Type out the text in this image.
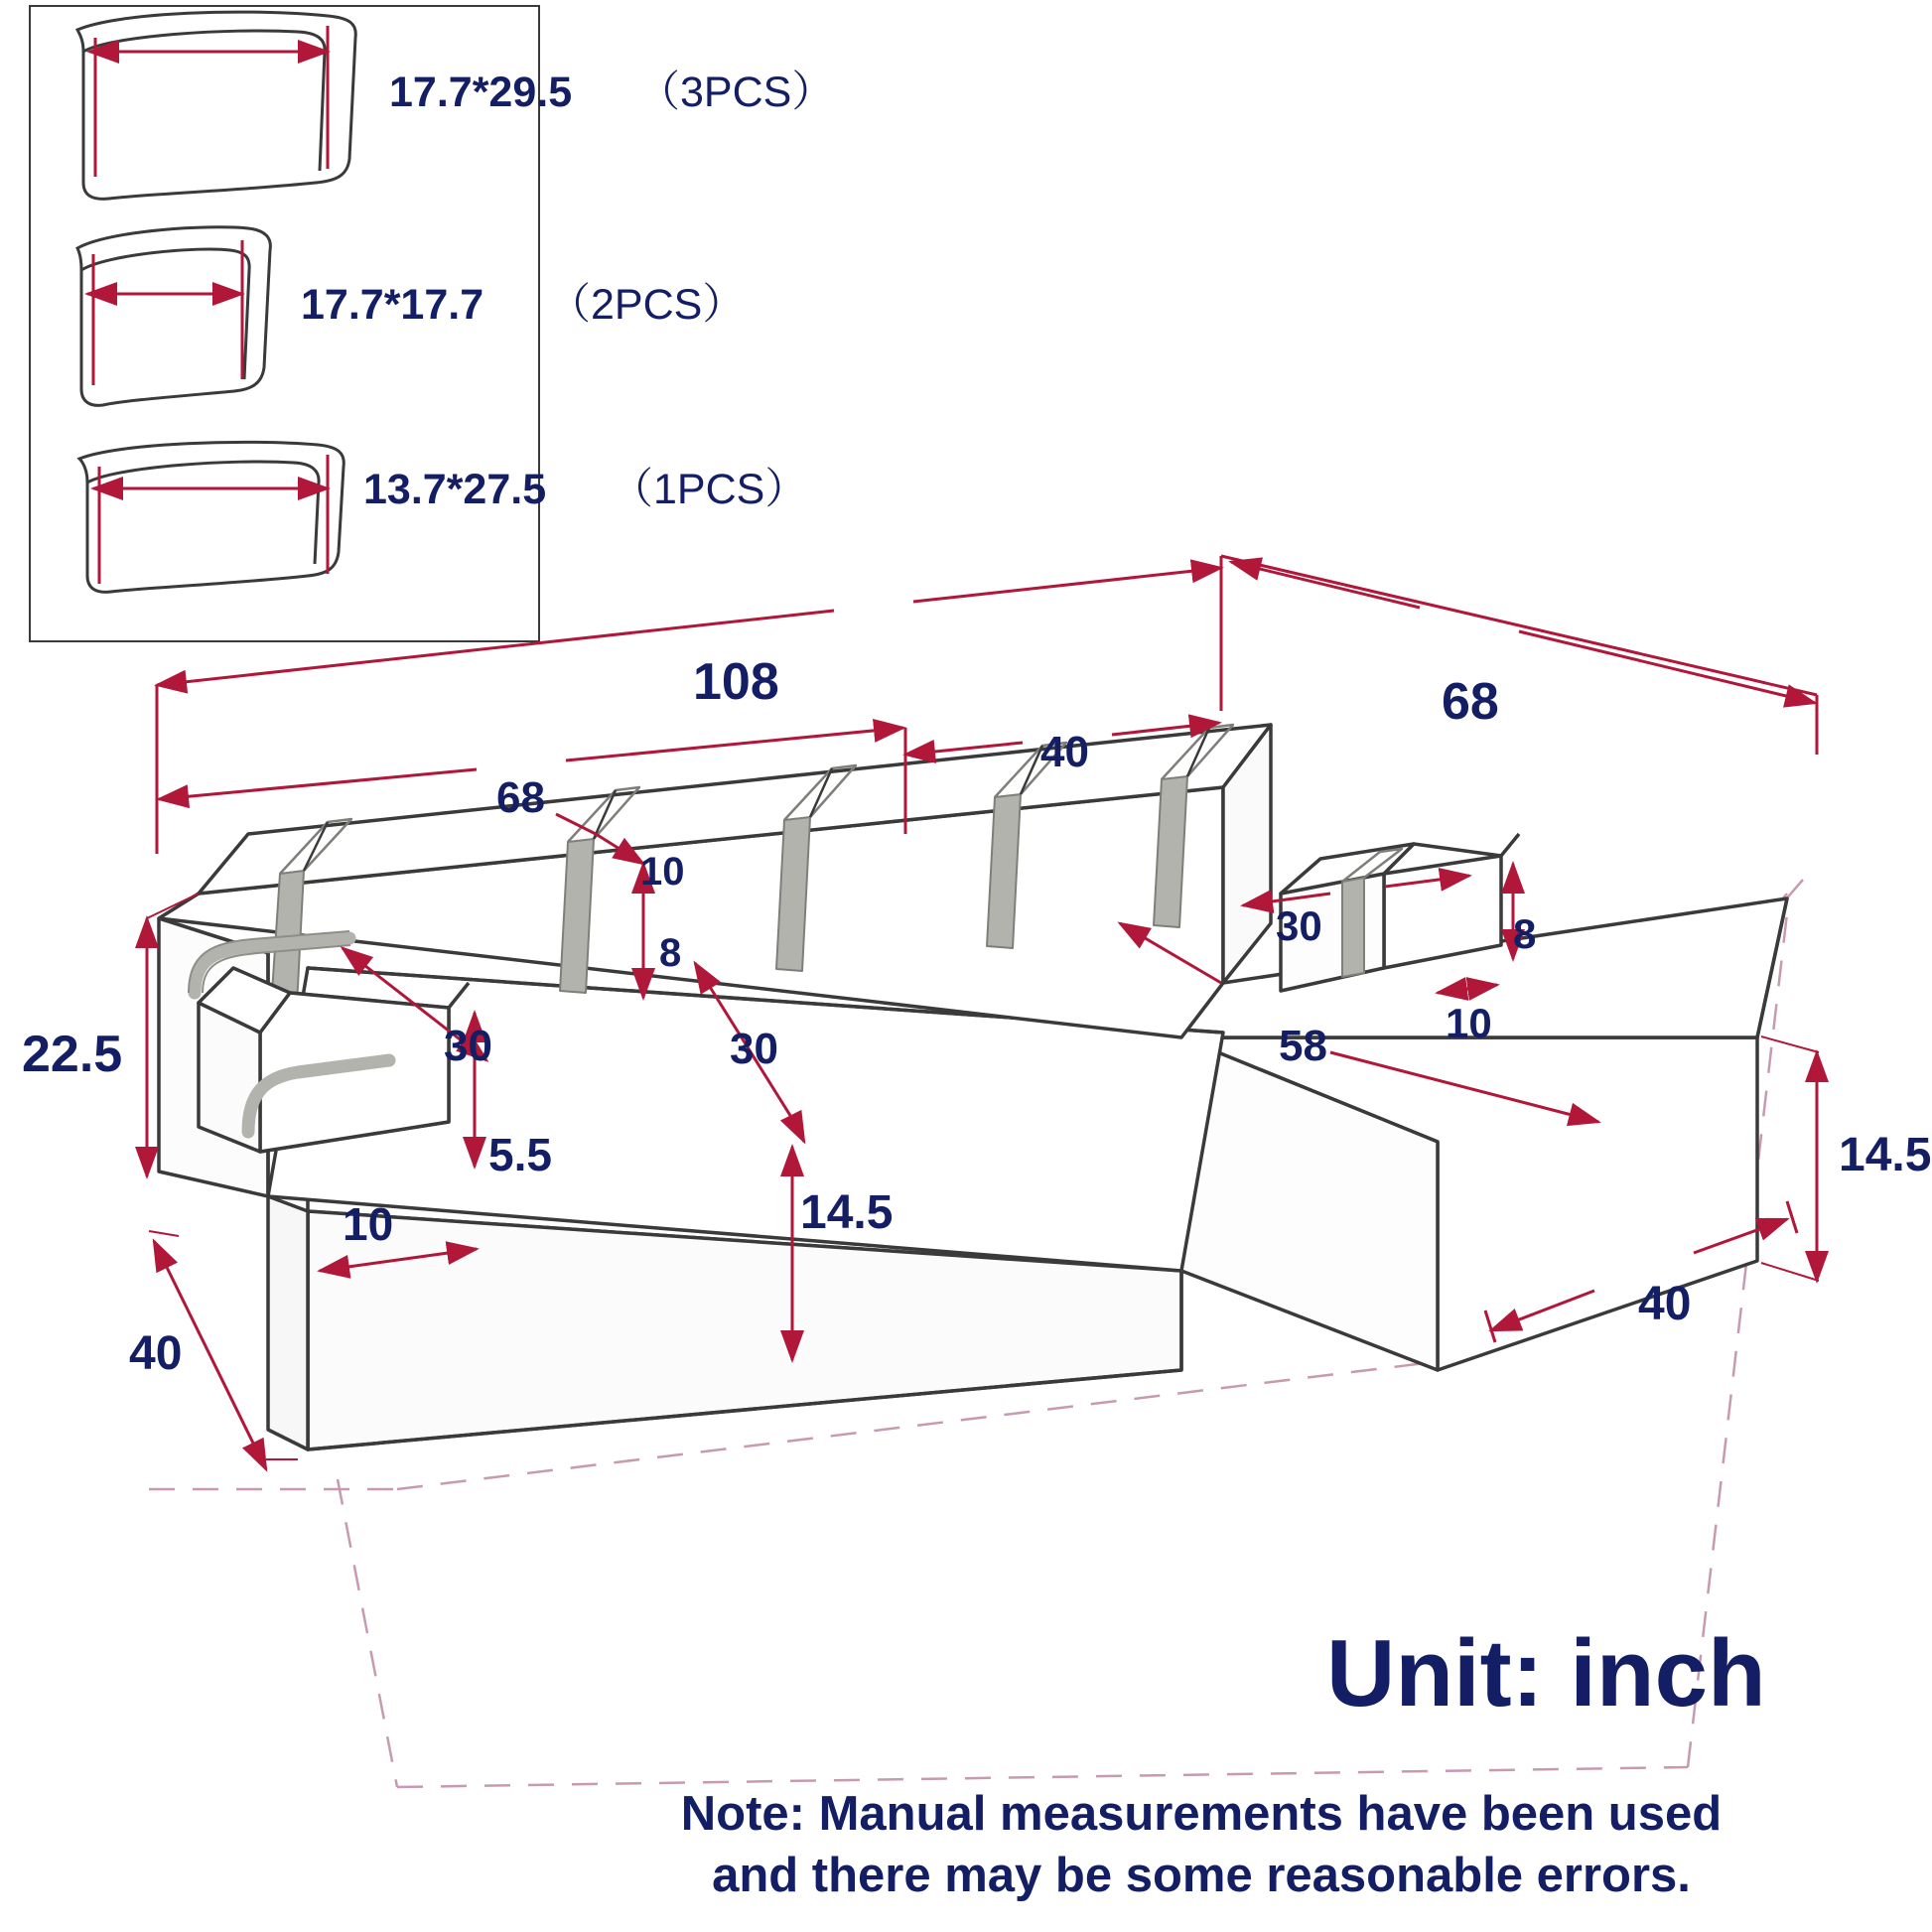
17.7*29.5 （3PCS）
17.7*17.7 （2PCS）
13.7*27.5 （1PCS）
108	68
68
40
10
8
30	30
30	8
10
58
22.5
5.5
10	14.5
14.5
40
40
Unit: inch
Note: Manual measurements have been used
and there may be some reasonable errors.
